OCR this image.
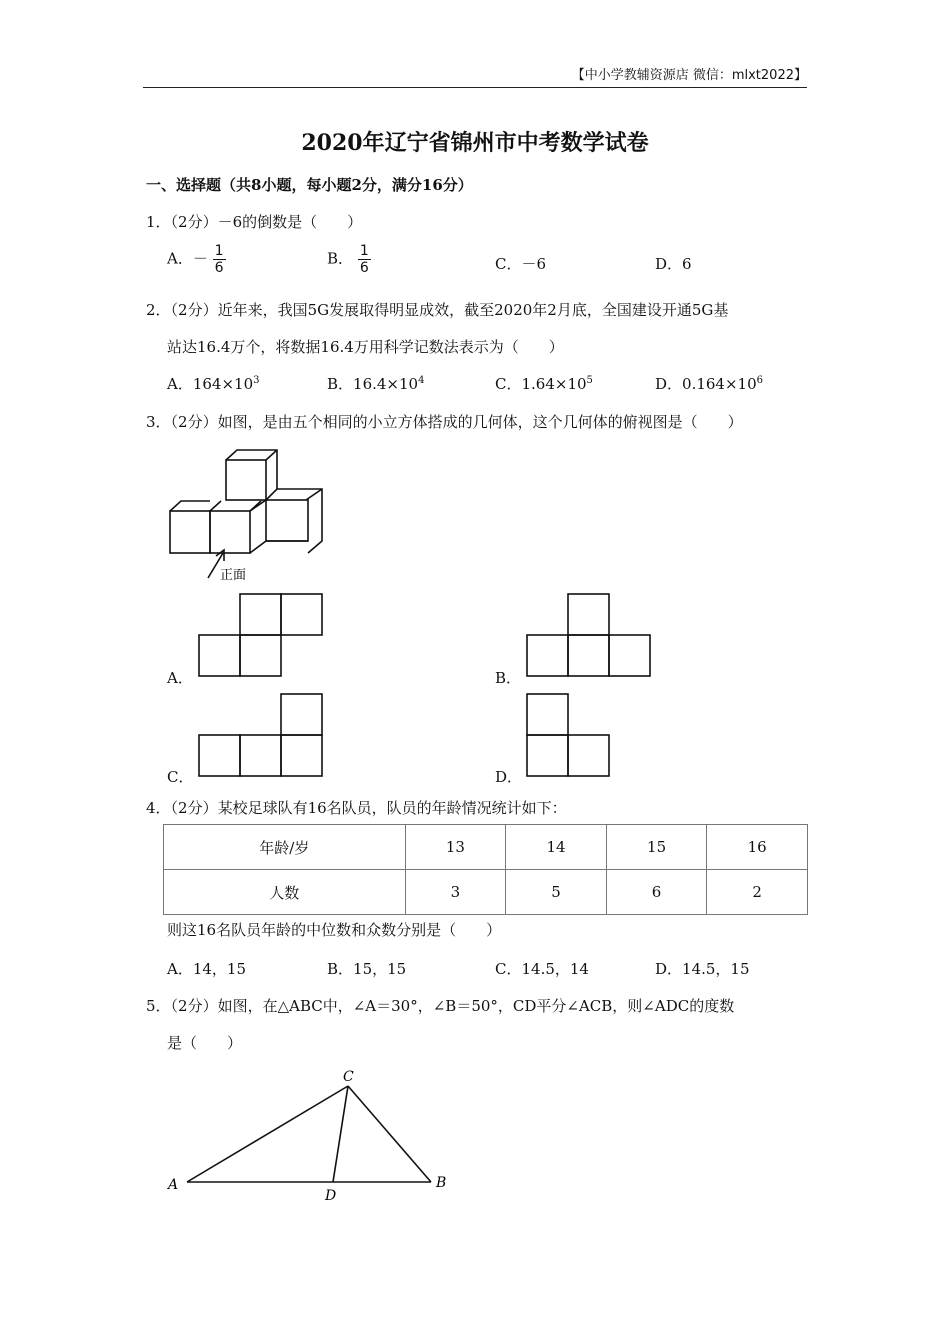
【中小学教辅资源店 微信：mlxt2022】
2020年辽宁省锦州市中考数学试卷
一、选择题（共8小题，每小题2分，满分16分）
1．（2分）－6的倒数是（　　）
A．－ $\frac{1}{6}$	B． $\frac{1}{6}$	C．－6	D．6
2．（2分）近年来，我国5G发展取得明显成效，截至2020年2月底，全国建设开通5G基
站达16.4万个，将数据16.4万用科学记数法表示为（　　）
A．$164\times 10^3$	B．$16.4\times 10^4$	C．$1.64\times 10^5$	D．$0.164\times 10^6$
3．（2分）如图，是由五个相同的小立方体搭成的几何体，这个几何体的俯视图是（　　）
正面
C
A	B
D
A．	B．
C．	D．
4．（2分）某校足球队有16名队员，队员的年龄情况统计如下：
年龄/岁	13	14	15	16
人数	3	5	6	2
则这16名队员年龄的中位数和众数分别是（　　）
A．14，15	B．15，15	C．14.5，14	D．14.5，15
5．（2分）如图，在△ABC中，∠A＝30°，∠B＝50°，CD平分∠ACB，则∠ADC的度数
是（　　）
